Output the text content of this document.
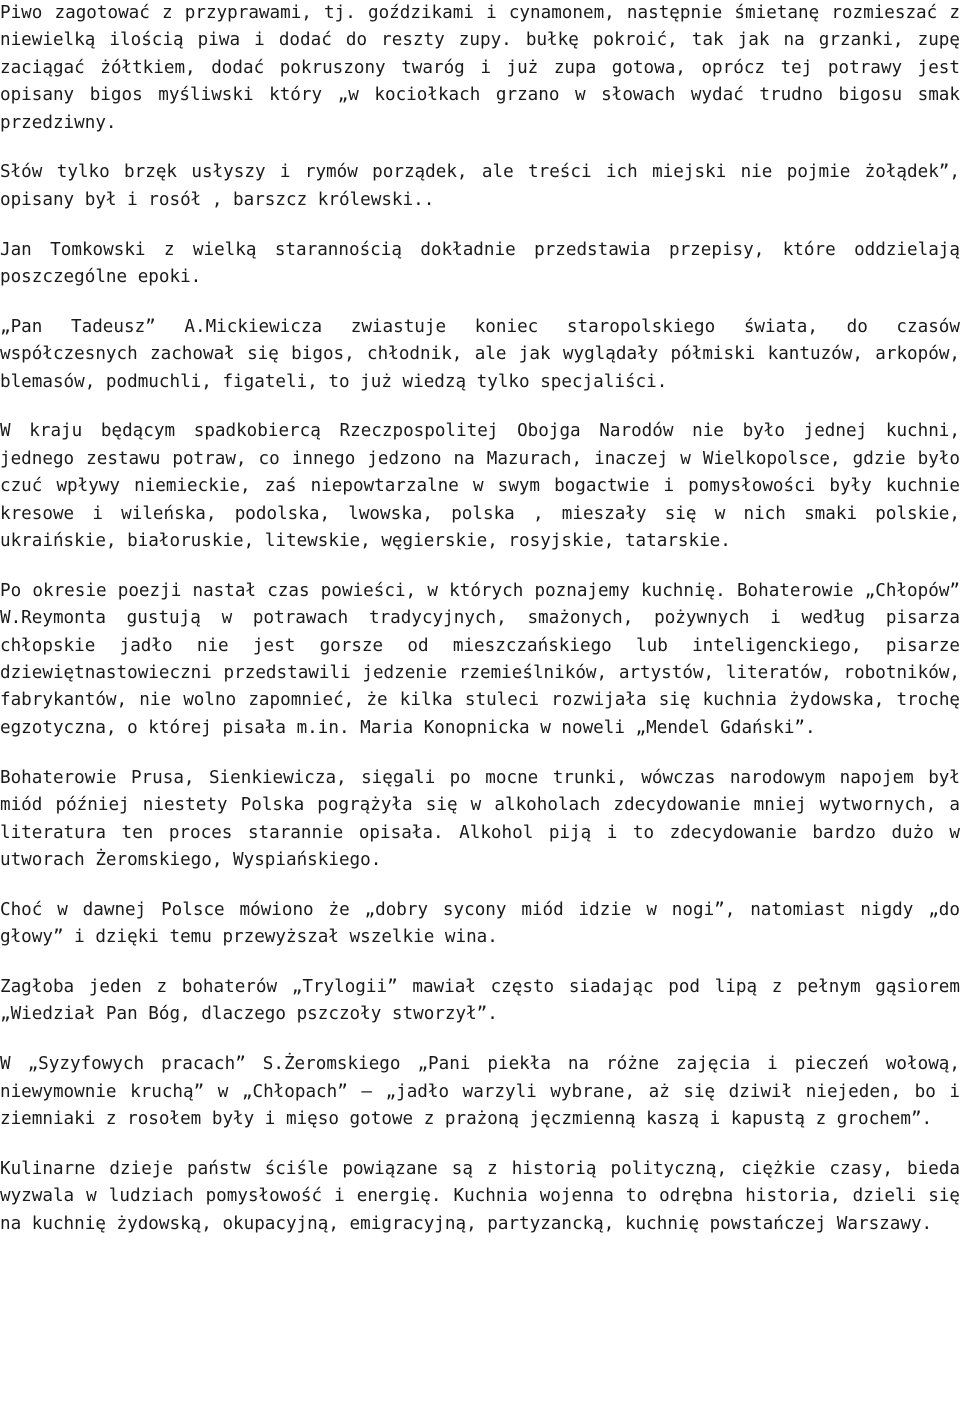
Piwo zagotować z przyprawami, tj. goździkami i cynamonem, następnie śmietanę rozmieszać z niewielką ilością piwa i dodać do reszty zupy. bułkę pokroić, tak jak na grzanki, zupę zaciągać żółtkiem, dodać pokruszony twaróg i już zupa gotowa, oprócz tej potrawy jest opisany bigos myśliwski który „w kociołkach grzano w słowach wydać trudno bigosu smak przedziwny.

Słów tylko brzęk usłyszy i rymów porządek, ale treści ich miejski nie pojmie żołądek”, opisany był i rosół , barszcz królewski..

Jan Tomkowski z wielką starannością dokładnie przedstawia przepisy, które oddzielają poszczególne epoki.

„Pan Tadeusz” A.Mickiewicza zwiastuje koniec staropolskiego świata, do czasów współczesnych zachował się bigos, chłodnik, ale jak wyglądały półmiski kantuzów, arkopów, blemasów, podmuchli, figateli, to już wiedzą tylko specjaliści.

W kraju będącym spadkobiercą Rzeczpospolitej Obojga Narodów nie było jednej kuchni, jednego zestawu potraw, co innego jedzono na Mazurach, inaczej w Wielkopolsce, gdzie było czuć wpływy niemieckie, zaś niepowtarzalne w swym bogactwie i pomysłowości były kuchnie kresowe i wileńska, podolska, lwowska, polska , mieszały się w nich smaki polskie, ukraińskie, białoruskie, litewskie, węgierskie, rosyjskie, tatarskie.

Po okresie poezji nastał czas powieści, w których poznajemy kuchnię. Bohaterowie „Chłopów” W.Reymonta gustują w potrawach tradycyjnych, smażonych, pożywnych i według pisarza chłopskie jadło nie jest gorsze od mieszczańskiego lub inteligenckiego, pisarze dziewiętnastowieczni przedstawili jedzenie rzemieślników, artystów, literatów, robotników, fabrykantów, nie wolno zapomnieć, że kilka stuleci rozwijała się kuchnia żydowska, trochę egzotyczna, o której pisała m.in. Maria Konopnicka w noweli „Mendel Gdański”.

Bohaterowie Prusa, Sienkiewicza, sięgali po mocne trunki, wówczas narodowym napojem był miód później niestety Polska pogrążyła się w alkoholach zdecydowanie mniej wytwornych, a literatura ten proces starannie opisała. Alkohol piją i to zdecydowanie bardzo dużo w utworach Żeromskiego, Wyspiańskiego.

Choć w dawnej Polsce mówiono że „dobry sycony miód idzie w nogi”, natomiast nigdy „do głowy” i dzięki temu przewyższał wszelkie wina.

Zagłoba jeden z bohaterów „Trylogii” mawiał często siadając pod lipą z pełnym gąsiorem „Wiedział Pan Bóg, dlaczego pszczoły stworzył”.

W „Syzyfowych pracach” S.Żeromskiego „Pani piekła na różne zajęcia i pieczeń wołową, niewymownie kruchą” w „Chłopach” – „jadło warzyli wybrane, aż się dziwił niejeden, bo i ziemniaki z rosołem były i mięso gotowe z prażoną jęczmienną kaszą i kapustą z grochem”.

Kulinarne dzieje państw ściśle powiązane są z historią polityczną, ciężkie czasy, bieda wyzwala w ludziach pomysłowość i energię. Kuchnia wojenna to odrębna historia, dzieli się na kuchnię żydowską, okupacyjną, emigracyjną, partyzancką, kuchnię powstańczej Warszawy.
